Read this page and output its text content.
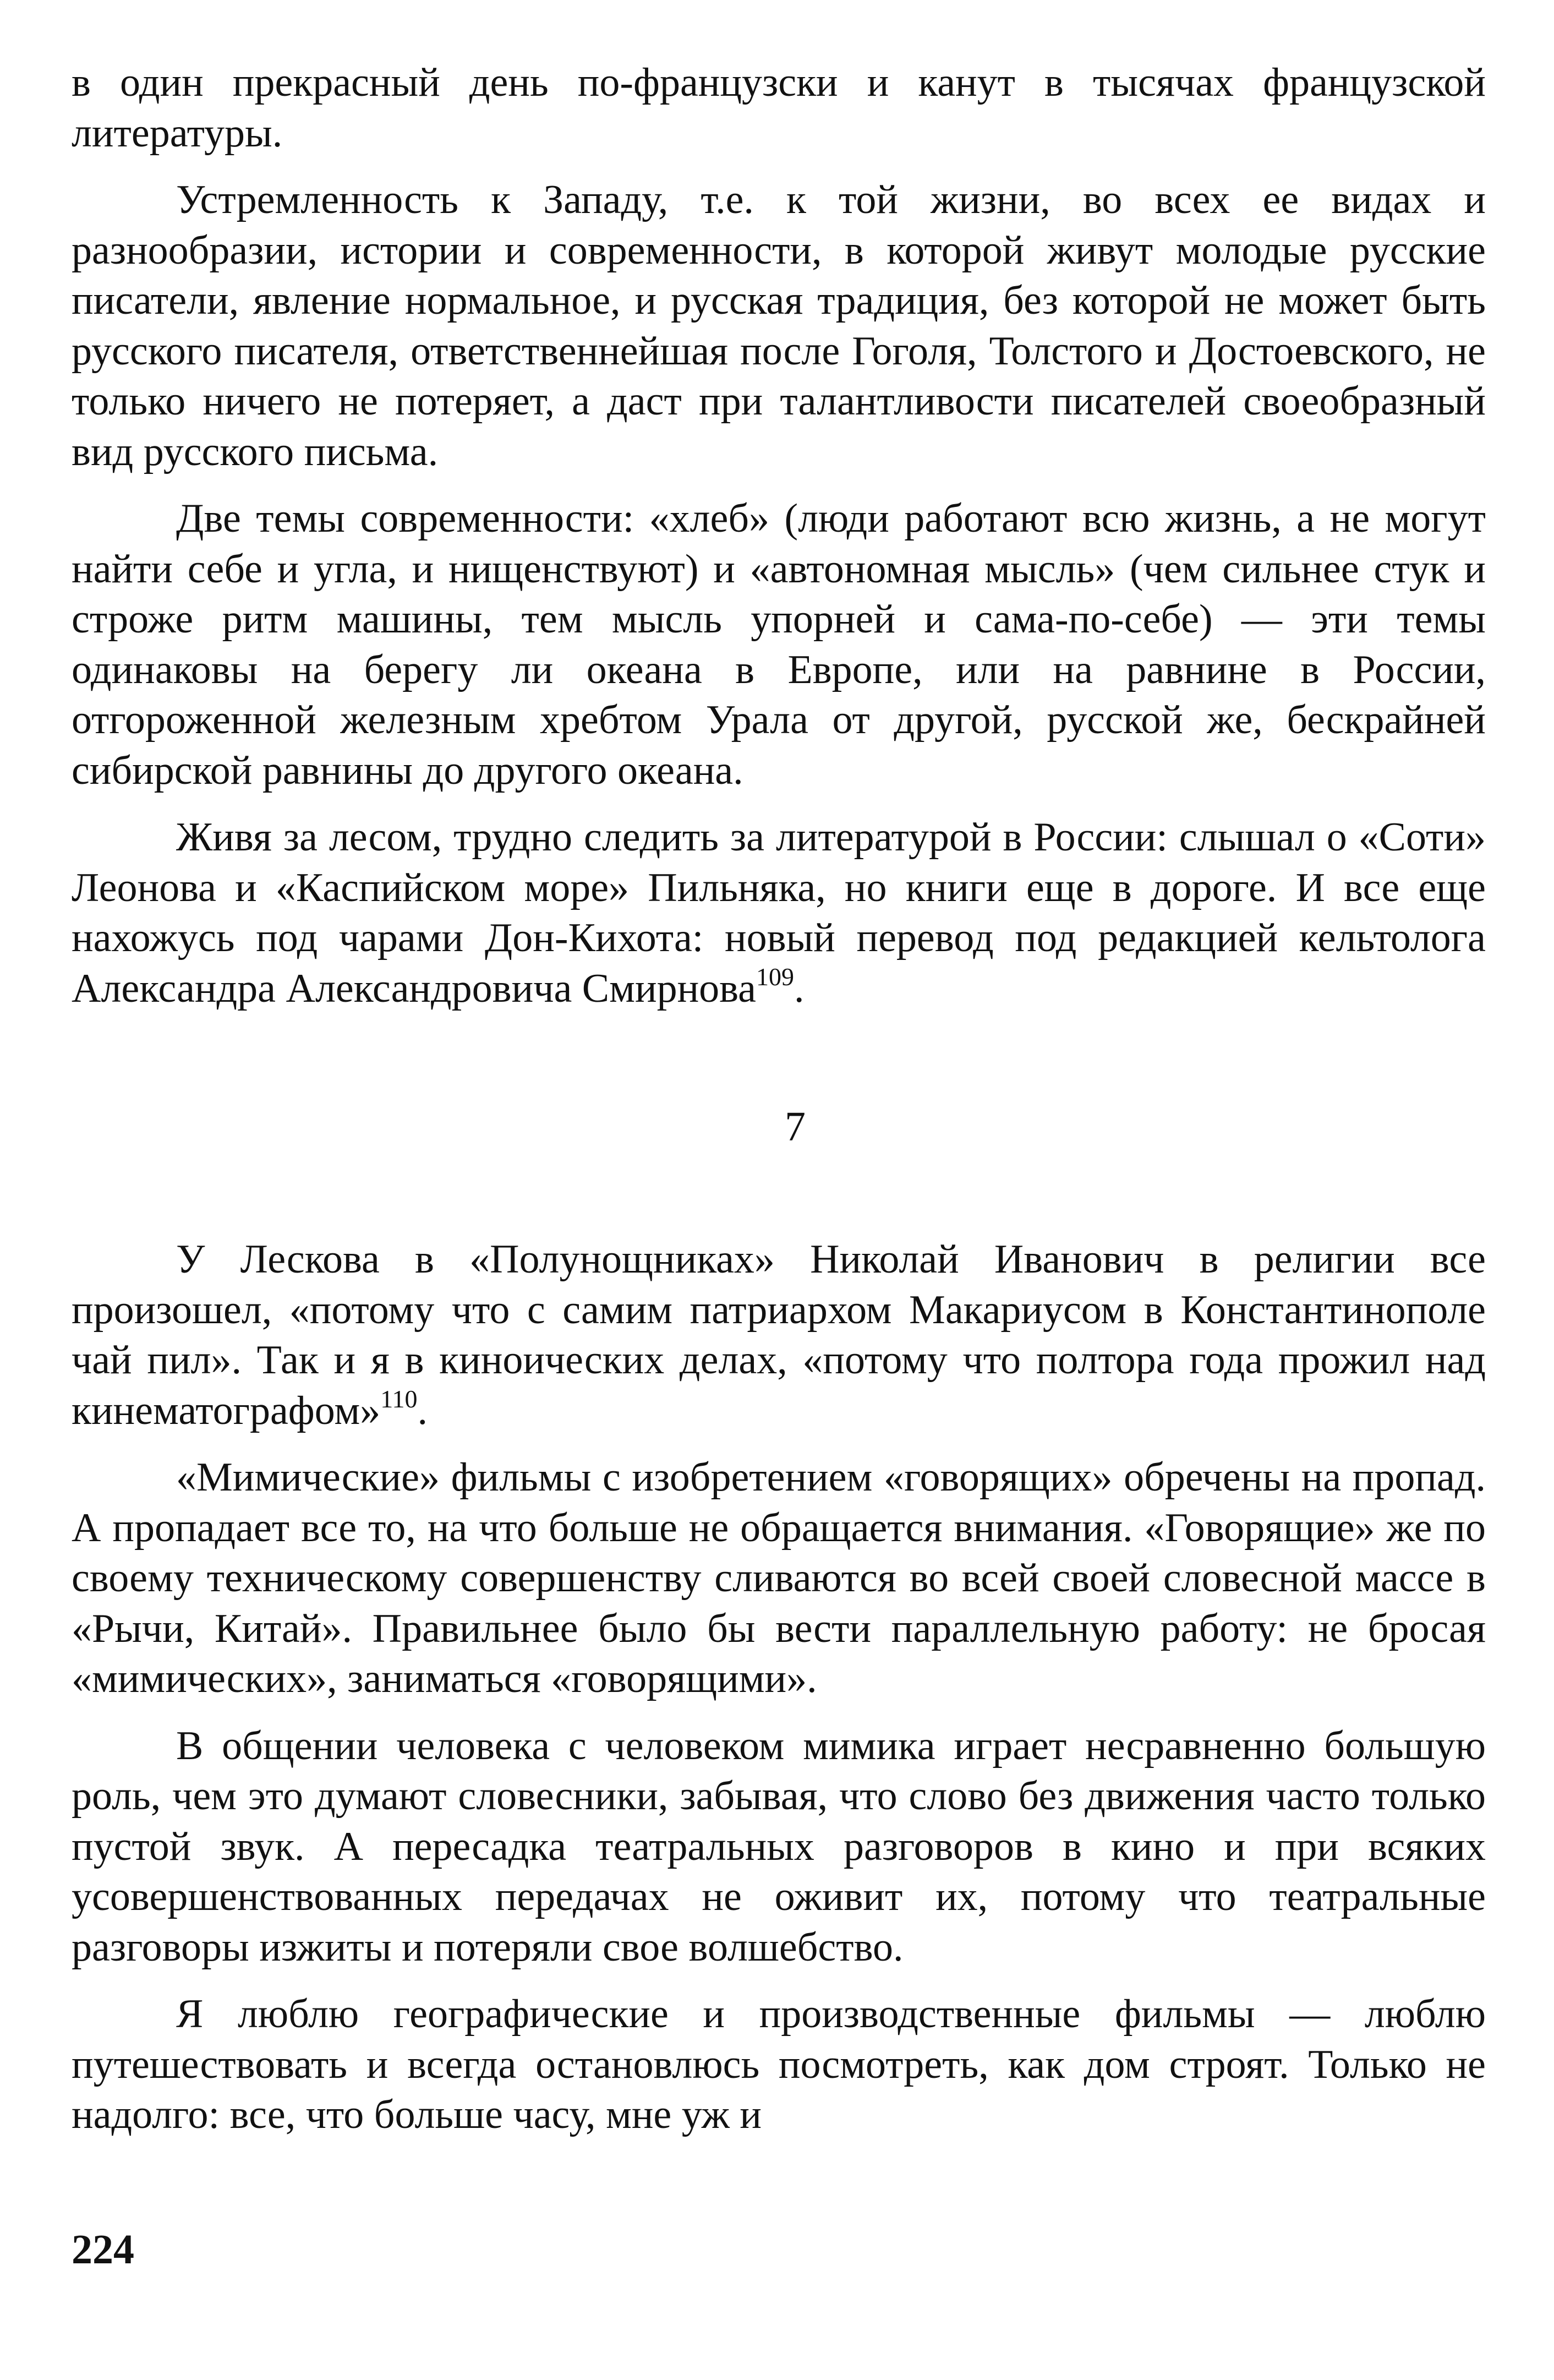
в один прекрасный день по-французски и канут в тысячах французской литературы.

Устремленность к Западу, т.е. к той жизни, во всех ее видах и разнообразии, истории и современности, в которой живут молодые русские писатели, явление нормальное, и русская традиция, без которой не может быть русского писателя, ответственнейшая после Гоголя, Толстого и Достоевского, не только ничего не потеряет, а даст при талантливости писателей своеобразный вид русского письма.

Две темы современности: «хлеб» (люди работают всю жизнь, а не могут найти себе и угла, и нищенствуют) и «автономная мысль» (чем сильнее стук и строже ритм машины, тем мысль упорней и сама-по-себе) — эти темы одинаковы на берегу ли океана в Европе, или на равнине в России, отгороженной железным хребтом Урала от другой, русской же, бескрайней сибирской равнины до другого океана.

Живя за лесом, трудно следить за литературой в России: слышал о «Соти» Леонова и «Каспийском море» Пильняка, но книги еще в дороге. И все еще нахожусь под чарами Дон-Кихота: новый перевод под редакцией кельтолога Александра Александровича Смирнова$^{109}$.

7

У Лескова в «Полунощниках» Николай Иванович в религии все произошел, «потому что с самим патриархом Макариусом в Константинополе чай пил». Так и я в киноических делах, «потому что полтора года прожил над кинематографом»$^{110}$.

«Мимические» фильмы с изобретением «говорящих» обречены на пропад. А пропадает все то, на что больше не обращается внимания. «Говорящие» же по своему техническому совершенству сливаются во всей своей словесной массе в «Рычи, Китай». Правильнее было бы вести параллельную работу: не бросая «мимических», заниматься «говорящими».

В общении человека с человеком мимика играет несравненно большую роль, чем это думают словесники, забывая, что слово без движения часто только пустой звук. А пересадка театральных разговоров в кино и при всяких усовершенствованных передачах не оживит их, потому что театральные разговоры изжиты и потеряли свое волшебство.

Я люблю географические и производственные фильмы — люблю путешествовать и всегда остановлюсь посмотреть, как дом строят. Только не надолго: все, что больше часу, мне уж и

224
